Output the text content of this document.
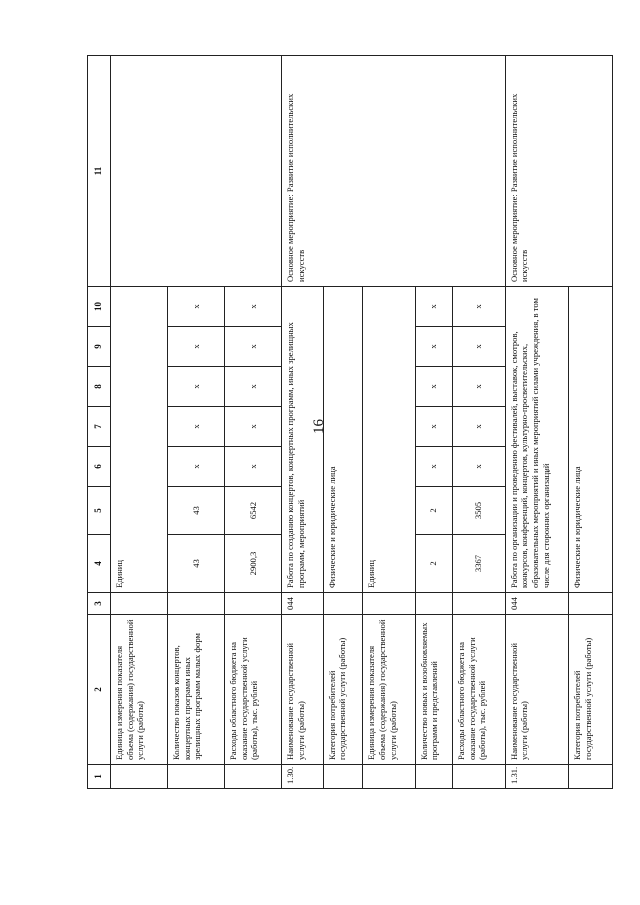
16
1	2	3	4	5	6	7	8	9	10	11
	Единица измерения показателя объема (содержания) государственной услуги (работы)		Единиц							
	Количество показов концертов, концертных программ иных зрелищных программ малых форм		43	43	x	x	x	x	x	
	Расходы областного бюджета на оказание государственной услуги (работы), тыс. рублей		2900,3	6542	x	x	x	x	x	
1.30.	Наименование государственной услуги (работы)	044	Работа по созданию концертов, концертных программ, иных зрелищных программ, мероприятий							Основное мероприятие: Развитие исполнительских искусств
	Категория потребителей государственной услуги (работы)		Физические и юридические лица							
	Единица измерения показателя объема (содержания) государственной услуги (работы)		Единиц							
	Количество новых и возобновляемых программ и представлений		2	2	x	x	x	x	x	
	Расходы областного бюджета на оказание государственной услуги (работы), тыс. рублей		3367	3505	x	x	x	x	x	
1.31.	Наименование государственной услуги (работы)	044	Работа по организации и проведению фестивалей, выставок, смотров, конкурсов, конференций, концертов, культурно-просветительских, образовательных мероприятий и иных мероприятий силами учреждения, в том числе для сторонних организаций							Основное мероприятие: Развитие исполнительских искусств
	Категория потребителей государственной услуги (работы)		Физические и юридические лица							
